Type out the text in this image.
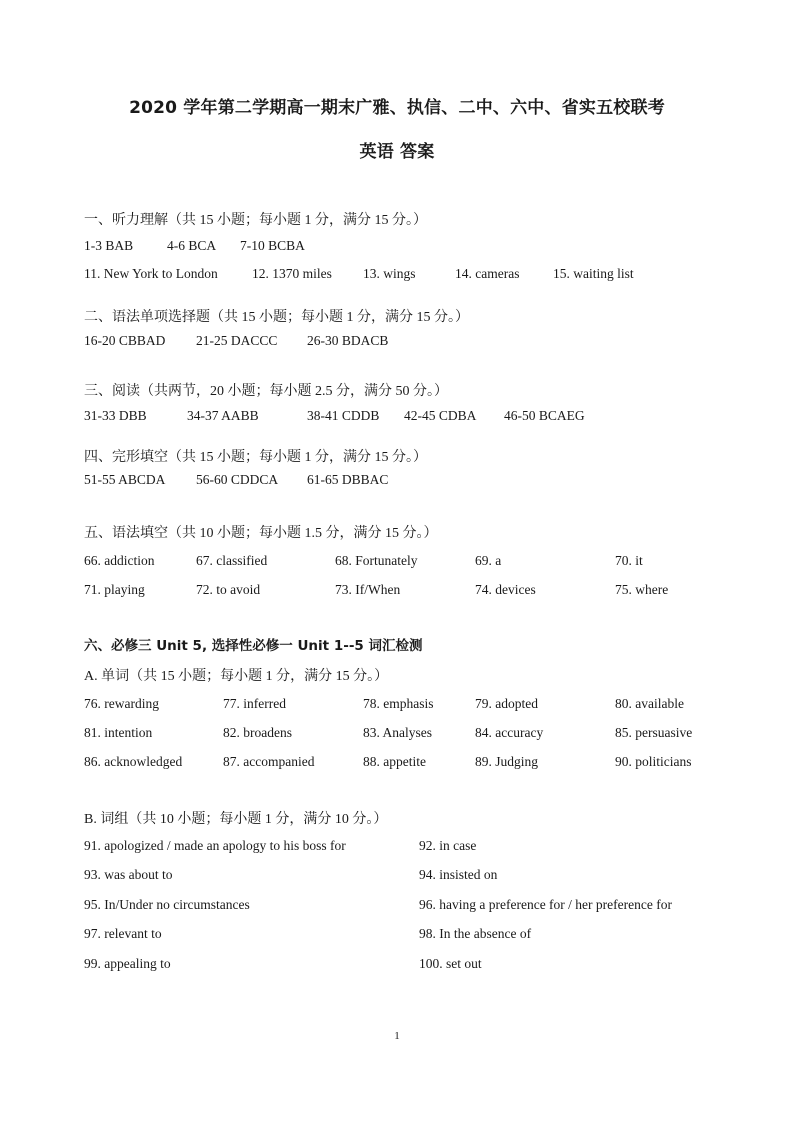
2020 学年第二学期高一期末广雅、执信、二中、六中、省实五校联考
英语 答案
一、听力理解（共 15 小题；每小题 1 分，满分 15 分。）
1-3 BAB	4-6 BCA 7-10 BCBA
11. New York to London	12. 1370 miles 13. wings	14. cameras 15. waiting list
二、语法单项选择题（共 15 小题；每小题 1 分，满分 15 分。）
16-20 CBBAD 21-25 DACCC 26-30 BDACB
三、阅读（共两节，20 小题；每小题 2.5 分，满分 50 分。）
31-33 DBB	34-37 AABB	38-41 CDDB 42-45 CDBA 46-50 BCAEG
四、完形填空（共 15 小题；每小题 1 分，满分 15 分。）
51-55 ABCDA 56-60 CDDCA 61-65 DBBAC
五、语法填空（共 10 小题；每小题 1.5 分，满分 15 分。）
66. addiction	67. classified	68. Fortunately	69. a	70. it
71. playing	72. to avoid	73. If/When	74. devices	75. where
六、必修三 Unit 5, 选择性必修一 Unit 1--5 词汇检测
A. 单词（共 15 小题；每小题 1 分，满分 15 分。）
76. rewarding	77. inferred	78. emphasis	79. adopted	80. available
81. intention	82. broadens	83. Analyses	84. accuracy	85. persuasive
86. acknowledged	87. accompanied	88. appetite	89. Judging	90. politicians
B. 词组（共 10 小题；每小题 1 分，满分 10 分。）
91. apologized / made an apology to his boss for	92. in case
93. was about to	94. insisted on
95. In/Under no circumstances	96. having a preference for / her preference for
97. relevant to	98. In the absence of
99. appealing to	100. set out
1
